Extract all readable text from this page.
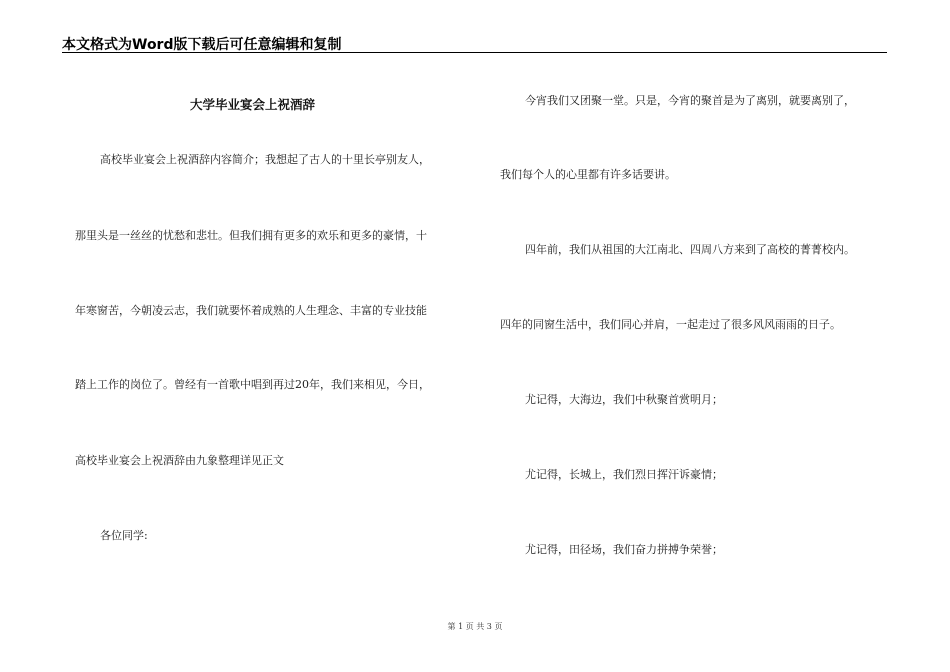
本文格式为Word版下载后可任意编辑和复制
大学毕业宴会上祝酒辞
高校毕业宴会上祝酒辞内容简介；我想起了古人的十里长亭别友人，
那里头是一丝丝的忧愁和悲壮。但我们拥有更多的欢乐和更多的豪情，十
年寒窗苦，今朝凌云志，我们就要怀着成熟的人生理念、丰富的专业技能
踏上工作的岗位了。曾经有一首歌中唱到再过20年，我们来相见，今日，
高校毕业宴会上祝酒辞由九象整理详见正文
各位同学:
今宵我们又团聚一堂。只是，今宵的聚首是为了离别，就要离别了，
我们每个人的心里都有许多话要讲。
四年前，我们从祖国的大江南北、四周八方来到了高校的菁菁校内。
四年的同窗生活中，我们同心并肩，一起走过了很多风风雨雨的日子。
尤记得，大海边，我们中秋聚首赏明月；
尤记得，长城上，我们烈日挥汗诉豪情；
尤记得，田径场，我们奋力拼搏争荣誉；
第 1 页 共 3 页
